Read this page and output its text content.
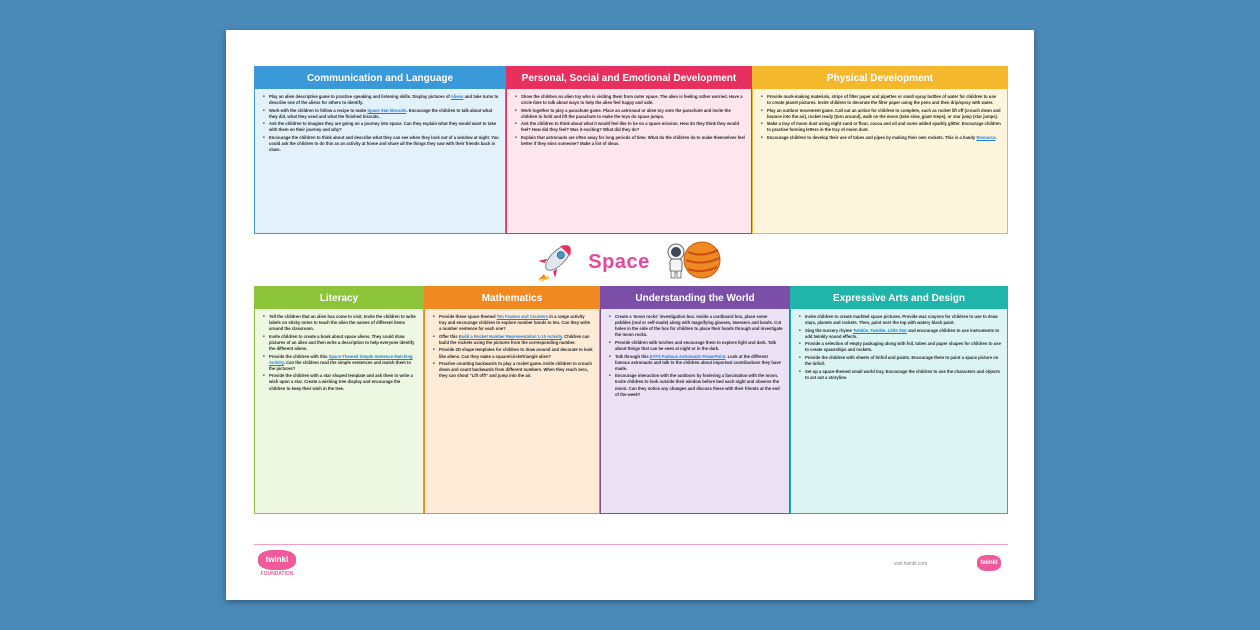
Communication and Language
• Play an alien descriptive game to practise speaking and listening skills. Display pictures of Aliens and take turns to describe one of the aliens for others to identify.
• Work with the children to follow a recipe to make Space Star Biscuits. Encourage the children to talk about what they did, what they used and what the finished biscuits.
• Ask the children to imagine they are going on a journey into space. Can they explain what they would want to take with them on their journey and why?
• Encourage the children to think about and describe what they can see when they look out of a window at night. You could ask the children to do this as an activity at home and share all the things they saw with their friends back in class.
Personal, Social and Emotional Development
• Show the children an alien toy who is visiting them from outer space. The alien is feeling rather worried. Have a circle time to talk about ways to help the alien feel happy and safe.
• Work together to play a parachute game. Place an astronaut or alien toy onto the parachute and invite the children to hold and lift the parachute to make the toys do space jumps.
• Ask the children to think about what it would feel like to be on a space mission. How do they think they would feel? How did they feel? Was it exciting? What did they do?
• Explain that astronauts are often away for long periods of time. What do the children do to make themselves feel better if they miss someone? Make a list of ideas.
Physical Development
• Provide mark-making materials, strips of filter paper and pipettes or small spray bottles of water for children to use to create planet pictures. Invite children to decorate the filter paper using the pens and then drip/spray with water.
• Play an outdoor movement game. Call out an action for children to complete, such as rocket lift off (crouch down and bounce into the air), rocket ready (turn around), walk on the moon (take slow, giant steps), or star jump (star jumps).
• Make a tray of moon dust using night sand or flour, cocoa and oil and some added sparkly glitter. Encourage children to practise forming letters in the tray of moon dust.
• Encourage children to develop their use of tubes and pipes by making their own rockets. This is a handy Resource.
Space
Literacy
• Tell the children that an alien has come to visit. Invite the children to write labels on sticky notes to teach the alien the names of different items around the classroom.
• Invite children to create a book about space aliens. They could draw pictures of an alien and then write a description to help everyone identify the different aliens.
• Provide the children with this Space-Themed Simple Sentence Matching Activity. Can the children read the simple sentences and match them to the pictures?
• Provide the children with a star shaped template and ask them to write a wish upon a star. Create a wishing tree display and encourage the children to keep their wish in the tree.
Mathematics
• Provide these space themed Ten Frames and Counters in a range activity tray and encourage children to explore number bonds to ten. Can they write a number sentence for each one?
• Offer this Build a Rocket Number Representation 1-10 Activity. Children can build the rockets using the pictures from the corresponding number.
• Provide 2D shape templates for children to draw around and decorate to look like aliens. Can they make a square/circle/triangle alien?
• Practise counting backwards to play a rocket game. Invite children to crouch down and count backwards from different numbers. When they reach zero, they can shout "Lift off!" and jump into the air.
Understanding the World
• Create a 'moon rocks' investigation box. Inside a cardboard box, place some pebbles (real or self-made) along with magnifying glasses, tweezers and bowls. Cut holes in the side of the box for children to place their hands through and investigate the moon rocks.
• Provide children with torches and encourage them to explore light and dark. Talk about things that can be seen at night or in the dark.
• Talk through this EYFS Famous Astronauts PowerPoint. Look at the different famous astronauts and talk to the children about important contributions they have made.
• Encourage interaction with the outdoors by fostering a fascination with the moon. Invite children to look outside their window before bed each night and observe the moon. Can they notice any changes and discuss these with their friends at the end of the week?
Expressive Arts and Design
• Invite children to create marbled space pictures. Provide wax crayons for children to use to draw stars, planets and rockets. Then, paint over the top with watery black paint.
• Sing the nursery rhyme Twinkle, Twinkle, Little Star and encourage children to use instruments to add twinkly sound effects.
• Provide a selection of empty packaging along with foil, tubes and paper shapes for children to use to create spaceships and rockets.
• Provide the children with sheets of tinfoil and paints. Encourage them to paint a space picture on the tinfoil.
• Set up a space-themed small world tray. Encourage the children to use the characters and objects to act out a storyline.
twinkl
FOUNDATION
visit twinkl.com	twinkl
